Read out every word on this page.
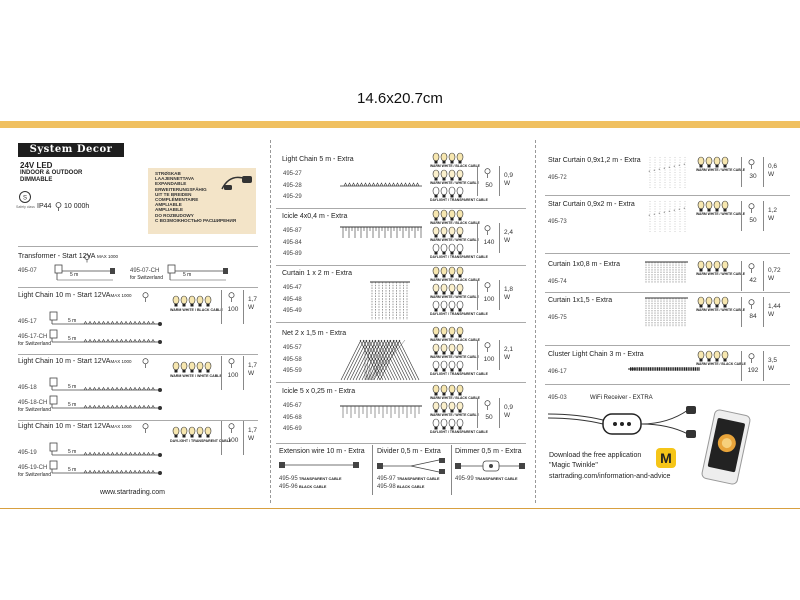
14.6x20.7cm
System Decor
24V LED
INDOOR & OUTDOOR
DIMMABLE
S
Safety class IP44 10 000h
STRØSKAB
LAAJENNETTAVA
EXPANDABLE
ERWEITERUNGSFÄHIG
UIT TE BREIDEN
COMPLÉMENTAIRE
AMPLIABLE
AMPLIABILE
DO ROZBUDOWY
С ВОЗМОЖНОСТЬЮ РАСШИРЕНИЯ
Transformer - Start 12VA MAX 1000
495-07
5 m
495-07-CH
for Switzerland	5 m
Light Chain 10 m - Start 12VAMAX 1000
WARM WHITE / BLACK CABLE 100
1,7
W
495-17	5 m
495-17-CH
for Switzerland
5 m
Light Chain 10 m - Start 12VAMAX 1000
WARM WHITE / WHITE CABLE 100
1,7
W
495-18	5 m
495-18-CH
for Switzerland
5 m
Light Chain 10 m - Start 12VAMAX 1000
DAYLIGHT / TRANSPARENT CABLE
100
1,7
W
495-19	5 m
495-19-CH
for Switzerland
5 m
www.startrading.com
Light Chain 5 m - Extra
495-27
495-28
495-29
WARM WHITE / BLACK CABLE
WARM WHITE / WHITE CABLE
DAYLIGHT / TRANSPARENT CABLE
50
0,9
W
Icicle 4x0,4 m - Extra
495-87
495-84
495-89
WARM WHITE / BLACK CABLE
WARM WHITE / WHITE CABLE
DAYLIGHT / TRANSPARENT CABLE
140
2,4
W
Curtain 1 x 2 m - Extra
495-47
495-48
495-49
WARM WHITE / BLACK CABLE
WARM WHITE / WHITE CABLE
DAYLIGHT / TRANSPARENT CABLE
100
1,8
W
Net 2 x 1,5 m - Extra
495-57
495-58
495-59
WARM WHITE / BLACK CABLE
WARM WHITE / WHITE CABLE
DAYLIGHT / TRANSPARENT CABLE
100
2,1
W
Icicle 5 x 0,25 m - Extra
495-67
495-68
495-69
WARM WHITE / BLACK CABLE
WARM WHITE / WHITE CABLE
DAYLIGHT / TRANSPARENT CABLE
50
0,9
W
Extension wire 10 m - Extra
495-95 TRANSPARENT CABLE
495-96 BLACK CABLE
Divider 0,5 m - Extra
495-97 TRANSPARENT CABLE
495-98 BLACK CABLE
Dimmer 0,5 m - Extra
495-99 TRANSPARENT CABLE
Star Curtain 0,9x1,2 m - Extra
495-72
* * * * * * * *
WARM WHITE / WHITE CABLE
30
0,6
W
Star Curtain 0,9x2 m - Extra
495-73
* * * * * * * *
WARM WHITE / WHITE CABLE
50
1,2
W
Curtain 1x0,8 m - Extra
495-74
WARM WHITE / WHITE CABLE
42
0,72
W
Curtain 1x1,5 - Extra
495-75
WARM WHITE / WHITE CABLE
84
1,44
W
Cluster Light Chain 3 m - Extra
496-17
WARM WHITE / BLACK CABLE
192
3,5
W
495-03	WiFi Receiver - EXTRA
Download the free application
"Magic Twinkle"
startrading.com/information-and-advice
M
